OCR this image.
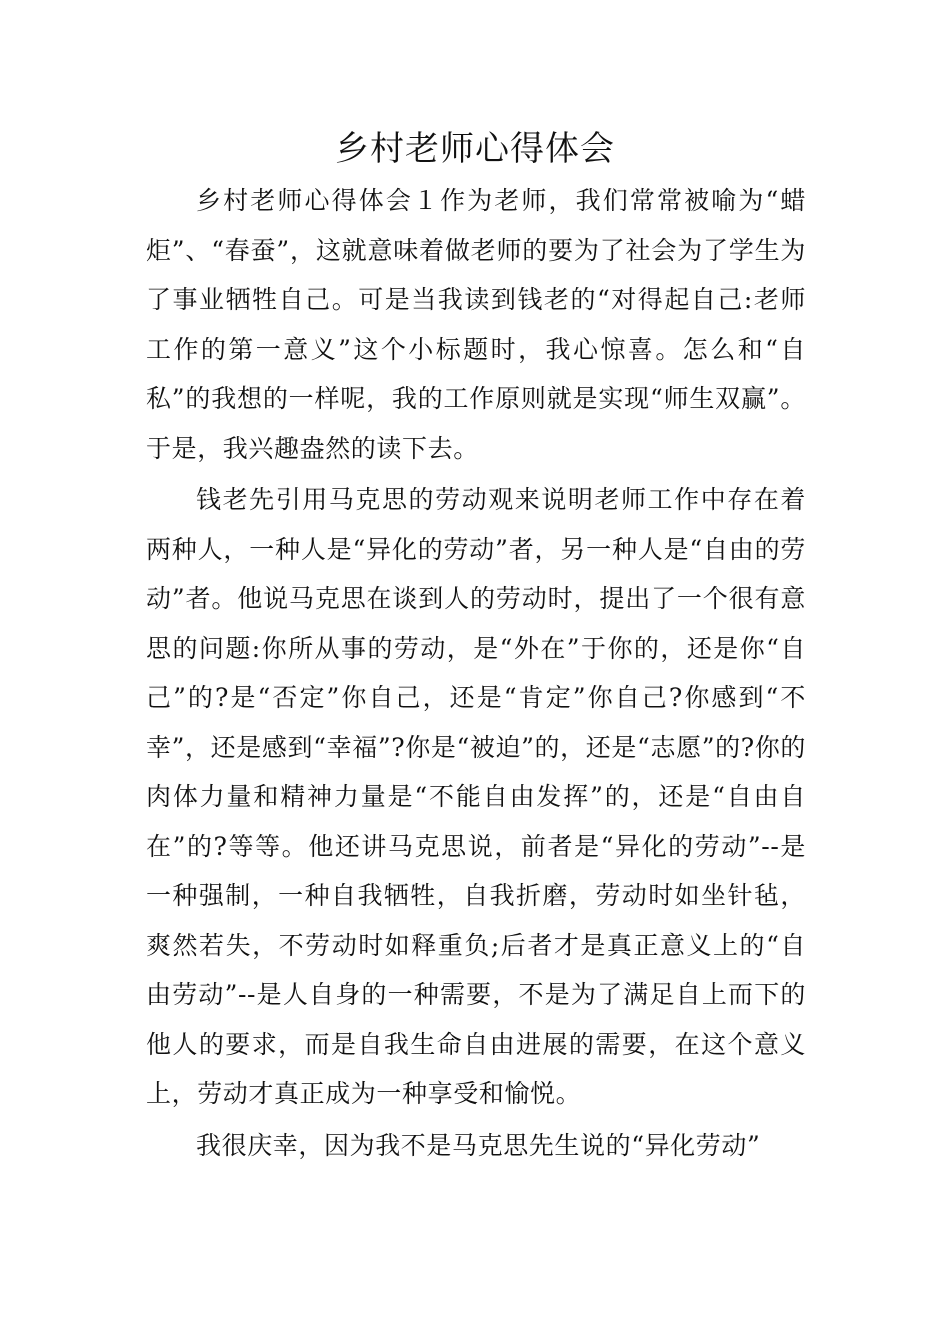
乡村老师心得体会

乡村老师心得体会１作为老师，我们常常被喻为“蜡炬”、“春蚕”，这就意味着做老师的要为了社会为了学生为了事业牺牲自己。可是当我读到钱老的“对得起自己:老师工作的第一意义”这个小标题时，我心惊喜。怎么和“自私”的我想的一样呢，我的工作原则就是实现“师生双赢”。于是，我兴趣盎然的读下去。

钱老先引用马克思的劳动观来说明老师工作中存在着两种人，一种人是“异化的劳动”者，另一种人是“自由的劳动”者。他说马克思在谈到人的劳动时，提出了一个很有意思的问题:你所从事的劳动，是“外在”于你的，还是你“自己”的?是“否定”你自己，还是“肯定”你自己?你感到“不幸”，还是感到“幸福”?你是“被迫”的，还是“志愿”的?你的肉体力量和精神力量是“不能自由发挥”的，还是“自由自在”的?等等。他还讲马克思说，前者是“异化的劳动”--是一种强制，一种自我牺牲，自我折磨，劳动时如坐针毡，爽然若失，不劳动时如释重负;后者才是真正意义上的“自由劳动”--是人自身的一种需要，不是为了满足自上而下的他人的要求，而是自我生命自由进展的需要，在这个意义上，劳动才真正成为一种享受和愉悦。

我很庆幸，因为我不是马克思先生说的“异化劳动”
